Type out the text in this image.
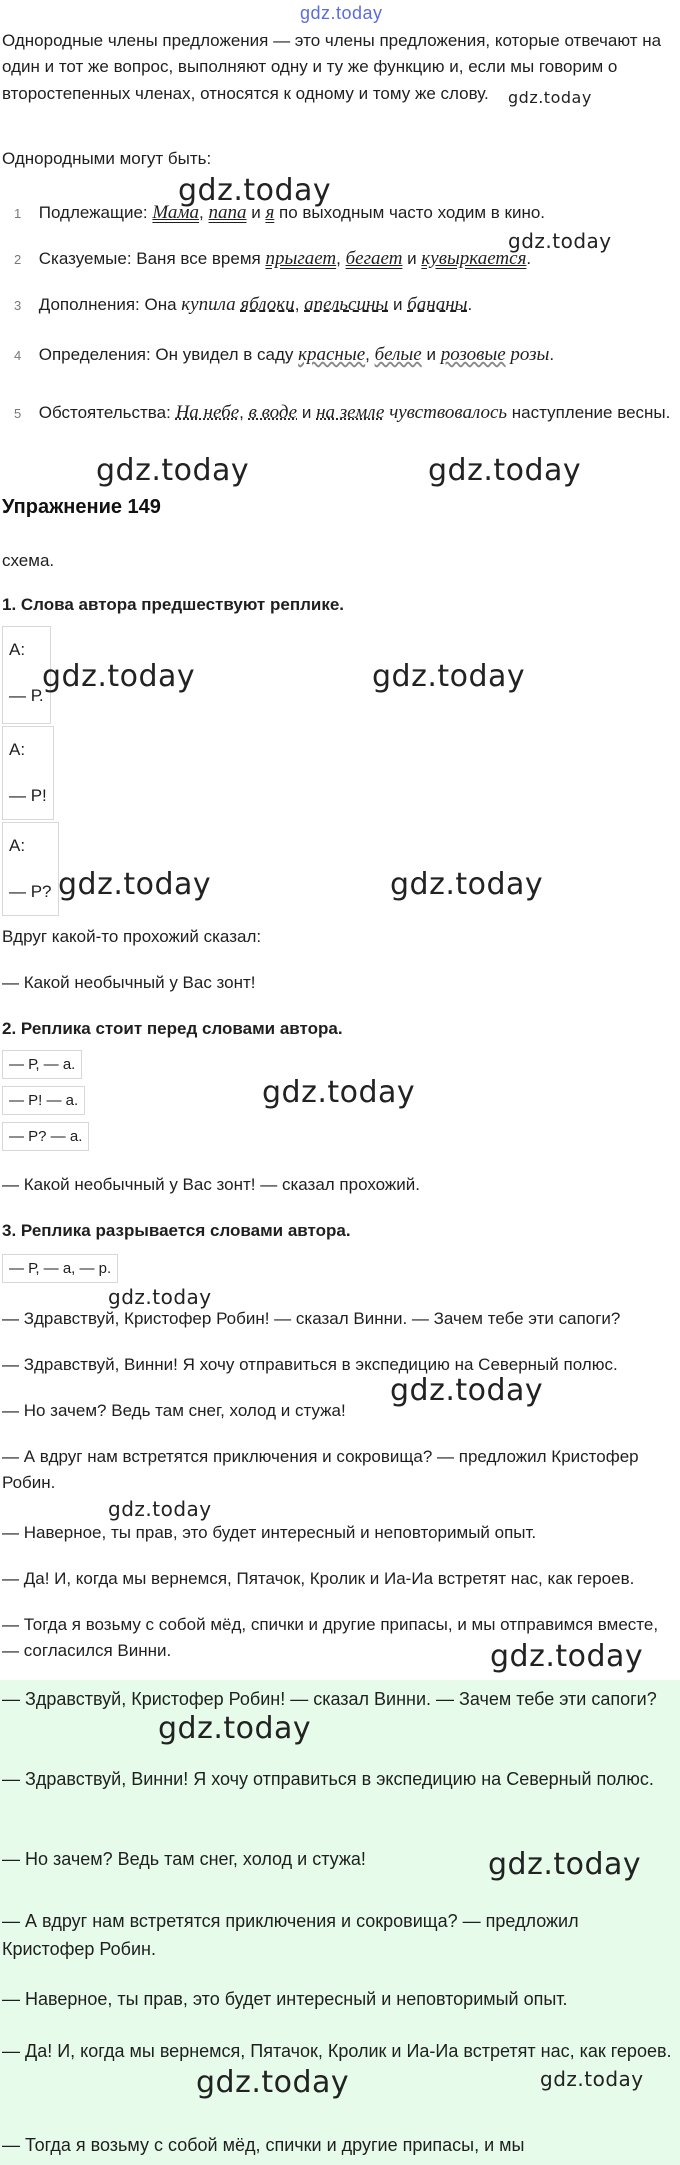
gdz.today
Однородные члены предложения — это члены предложения, которые отвечают на один и тот же вопрос, выполняют одну и ту же функцию и, если мы говорим о второстепенных членах, относятся к одному и тому же слову.
Однородными могут быть:
1 Подлежащие: Мама, папа и я по выходным часто ходим в кино.
2 Сказуемые: Ваня все время прыгает, бегает и кувыркается.
3 Дополнения: Она купила яблоки, апельсины и бананы.
4 Определения: Он увидел в саду красные, белые и розовые розы.
5 Обстоятельства: На небе, в воде и на земле чувствовалось наступление весны.
Упражнение 149
схема.
1. Слова автора предшествуют реплике.
А:
— Р.
А:
— Р!
А:
— Р?
Вдруг какой-то прохожий сказал:
— Какой необычный у Вас зонт!
2. Реплика стоит перед словами автора.
— Р, — а.
— Р! — а.
— Р? — а.
— Какой необычный у Вас зонт! — сказал прохожий.
3. Реплика разрывается словами автора.
— Р, — а, — р.
— Здравствуй, Кристофер Робин! — сказал Винни. — Зачем тебе эти сапоги?
— Здравствуй, Винни! Я хочу отправиться в экспедицию на Северный полюс.
— Но зачем? Ведь там снег, холод и стужа!
— А вдруг нам встретятся приключения и сокровища? — предложил Кристофер Робин.
— Наверное, ты прав, это будет интересный и неповторимый опыт.
— Да! И, когда мы вернемся, Пятачок, Кролик и Иа-Иа встретят нас, как героев.
— Тогда я возьму с собой мёд, спички и другие припасы, и мы отправимся вместе, — согласился Винни.
— Здравствуй, Кристофер Робин! — сказал Винни. — Зачем тебе эти сапоги?
— Здравствуй, Винни! Я хочу отправиться в экспедицию на Северный полюс.
— Но зачем? Ведь там снег, холод и стужа!
— А вдруг нам встретятся приключения и сокровища? — предложил Кристофер Робин.
— Наверное, ты прав, это будет интересный и неповторимый опыт.
— Да! И, когда мы вернемся, Пятачок, Кролик и Иа-Иа встретят нас, как героев.
— Тогда я возьму с собой мёд, спички и другие припасы, и мы
gdz.today
gdz.today
gdz.today
gdz.today	gdz.today
gdz.today	gdz.today
gdz.today	gdz.today
gdz.today
gdz.today
gdz.today
gdz.today
gdz.today
gdz.today
gdz.today
gdz.today	gdz.today
